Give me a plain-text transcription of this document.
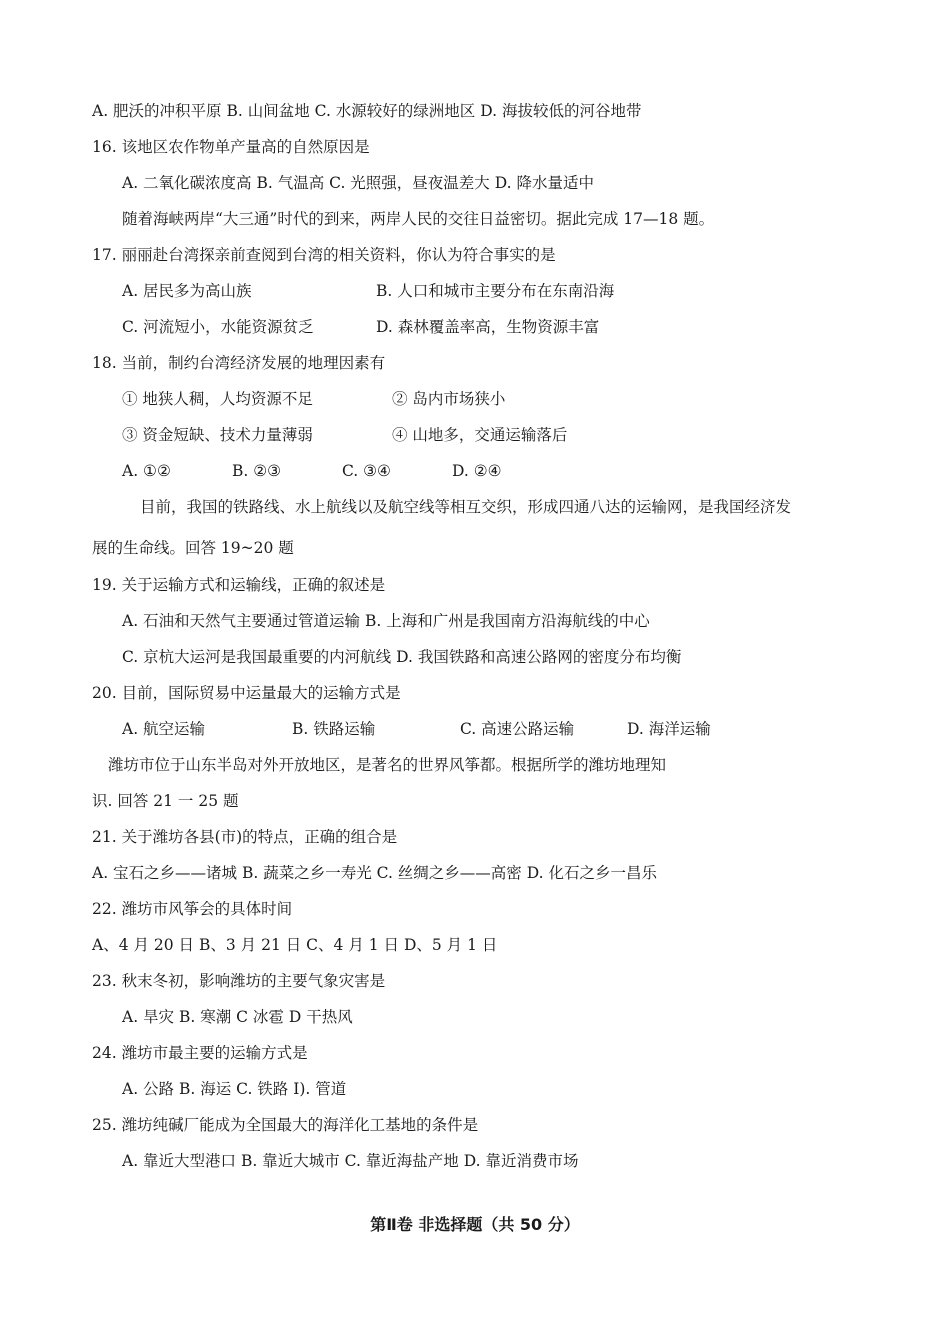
A. 肥沃的冲积平原 B. 山间盆地 C. 水源较好的绿洲地区 D. 海拔较低的河谷地带
16. 该地区农作物单产量高的自然原因是
A. 二氧化碳浓度高 B. 气温高 C. 光照强，昼夜温差大 D. 降水量适中
随着海峡两岸“大三通”时代的到来，两岸人民的交往日益密切。据此完成 17—18 题。
17. 丽丽赴台湾探亲前查阅到台湾的相关资料，你认为符合事实的是
A. 居民多为高山族	B. 人口和城市主要分布在东南沿海
C. 河流短小，水能资源贫乏	D. 森林覆盖率高，生物资源丰富
18. 当前，制约台湾经济发展的地理因素有
① 地狭人稠，人均资源不足	② 岛内市场狭小
③ 资金短缺、技术力量薄弱	④ 山地多，交通运输落后
A. ①②	B. ②③	C. ③④	D. ②④
目前，我国的铁路线、水上航线以及航空线等相互交织，形成四通八达的运输网，是我国经济发
展的生命线。回答 19~20 题
19. 关于运输方式和运输线，正确的叙述是
A. 石油和天然气主要通过管道运输 B. 上海和广州是我国南方沿海航线的中心
C. 京杭大运河是我国最重要的内河航线 D. 我国铁路和高速公路网的密度分布均衡
20. 目前，国际贸易中运量最大的运输方式是
A. 航空运输	B. 铁路运输	C. 高速公路运输	D. 海洋运输
潍坊市位于山东半岛对外开放地区，是著名的世界风筝都。根据所学的潍坊地理知
识. 回答 21 一 25 题
21. 关于潍坊各县(市)的特点，正确的组合是
A. 宝石之乡——诸城 B. 蔬菜之乡一寿光 C. 丝绸之乡——高密 D. 化石之乡一昌乐
22. 潍坊市风筝会的具体时间
A、4 月 20 日 B、3 月 21 日 C、4 月 1 日 D、5 月 1 日
23. 秋末冬初，影响潍坊的主要气象灾害是
A. 旱灾 B. 寒潮 C 冰雹 D 干热风
24. 潍坊市最主要的运输方式是
A. 公路 B. 海运 C. 铁路 I). 管道
25. 潍坊纯碱厂能成为全国最大的海洋化工基地的条件是
A. 靠近大型港口 B. 靠近大城市 C. 靠近海盐产地 D. 靠近消费市场
第Ⅱ卷 非选择题（共 50 分）
